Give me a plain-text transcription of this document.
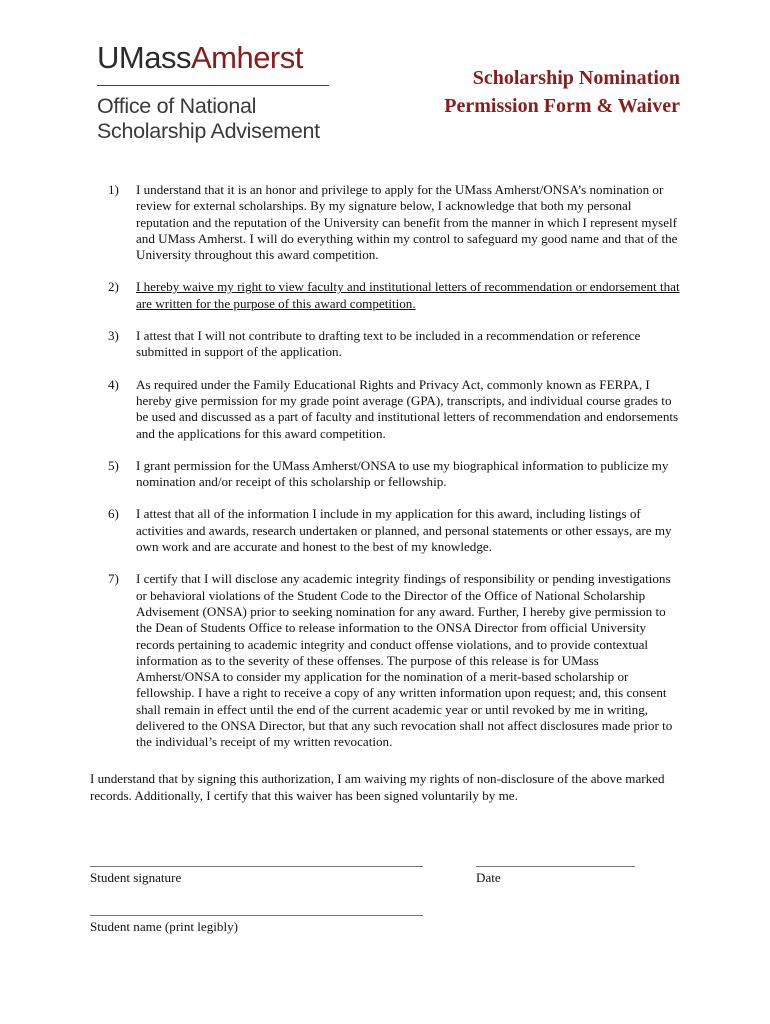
UMassAmherst
Office of National
Scholarship Advisement
Scholarship Nomination
Permission Form & Waiver
1)	I understand that it is an honor and privilege to apply for the UMass Amherst/ONSA’s nomination or review for external scholarships. By my signature below, I acknowledge that both my personal reputation and the reputation of the University can benefit from the manner in which I represent myself and UMass Amherst. I will do everything within my control to safeguard my good name and that of the University throughout this award competition.
2)	I hereby waive my right to view faculty and institutional letters of recommendation or endorsement that are written for the purpose of this award competition.
3)	I attest that I will not contribute to drafting text to be included in a recommendation or reference submitted in support of the application.
4)	As required under the Family Educational Rights and Privacy Act, commonly known as FERPA, I hereby give permission for my grade point average (GPA), transcripts, and individual course grades to be used and discussed as a part of faculty and institutional letters of recommendation and endorsements and the applications for this award competition.
5)	I grant permission for the UMass Amherst/ONSA to use my biographical information to publicize my nomination and/or receipt of this scholarship or fellowship.
6)	I attest that all of the information I include in my application for this award, including listings of activities and awards, research undertaken or planned, and personal statements or other essays, are my own work and are accurate and honest to the best of my knowledge.
7)	I certify that I will disclose any academic integrity findings of responsibility or pending investigations or behavioral violations of the Student Code to the Director of the Office of National Scholarship Advisement (ONSA) prior to seeking nomination for any award. Further, I hereby give permission to the Dean of Students Office to release information to the ONSA Director from official University records pertaining to academic integrity and conduct offense violations, and to provide contextual information as to the severity of these offenses. The purpose of this release is for UMass Amherst/ONSA to consider my application for the nomination of a merit-based scholarship or fellowship. I have a right to receive a copy of any written information upon request; and, this consent shall remain in effect until the end of the current academic year or until revoked by me in writing, delivered to the ONSA Director, but that any such revocation shall not affect disclosures made prior to the individual’s receipt of my written revocation.
I understand that by signing this authorization, I am waiving my rights of non-disclosure of the above marked records. Additionally, I certify that this waiver has been signed voluntarily by me.
Student signature	Date
Student name (print legibly)
